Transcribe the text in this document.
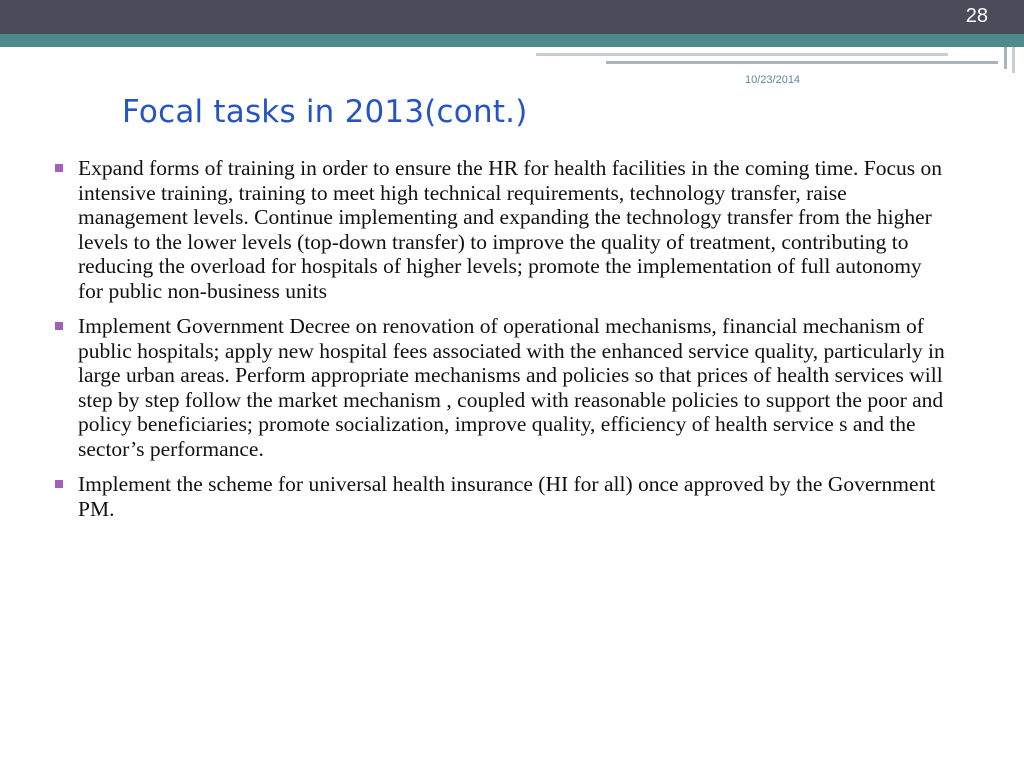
28
10/23/2014
Focal tasks in 2013(cont.)
Expand forms of training in order to ensure the HR for health facilities in the coming time. Focus on intensive training, training to meet high technical requirements, technology transfer, raise management levels. Continue implementing and expanding the technology transfer from the higher levels to the lower levels (top-down transfer) to improve the quality of treatment, contributing to reducing the overload for hospitals of higher levels; promote the implementation of full autonomy for public non-business units
Implement Government Decree on renovation of operational mechanisms, financial mechanism of public hospitals; apply new hospital fees associated with the enhanced service quality, particularly in large urban areas. Perform appropriate mechanisms and policies so that prices of health services will step by step follow the market mechanism , coupled with reasonable policies to support the poor and policy beneficiaries; promote socialization, improve quality, efficiency of health service s and the sector’s performance.
Implement the scheme for universal health insurance (HI for all) once approved by the Government PM.
